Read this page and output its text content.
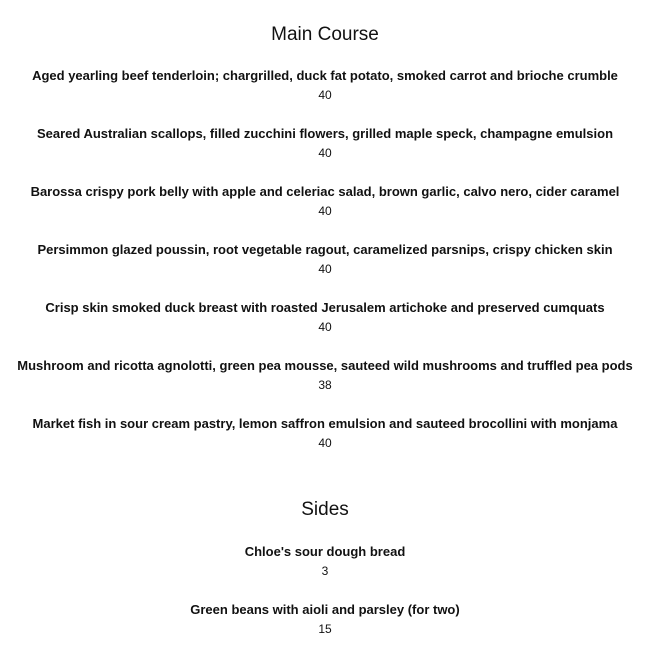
Main Course
Aged yearling beef tenderloin; chargrilled, duck fat potato, smoked carrot and brioche crumble
40
Seared Australian scallops, filled zucchini flowers, grilled maple speck, champagne emulsion
40
Barossa crispy pork belly with apple and celeriac salad, brown garlic, calvo nero, cider caramel
40
Persimmon glazed poussin, root vegetable ragout, caramelized parsnips, crispy chicken skin
40
Crisp skin smoked duck breast with roasted Jerusalem artichoke and preserved cumquats
40
Mushroom and ricotta agnolotti, green pea mousse, sauteed wild mushrooms and truffled pea pods
38
Market fish in sour cream pastry, lemon saffron emulsion and sauteed brocollini with monjama
40
Sides
Chloe's sour dough bread
3
Green beans with aioli and parsley (for two)
15
